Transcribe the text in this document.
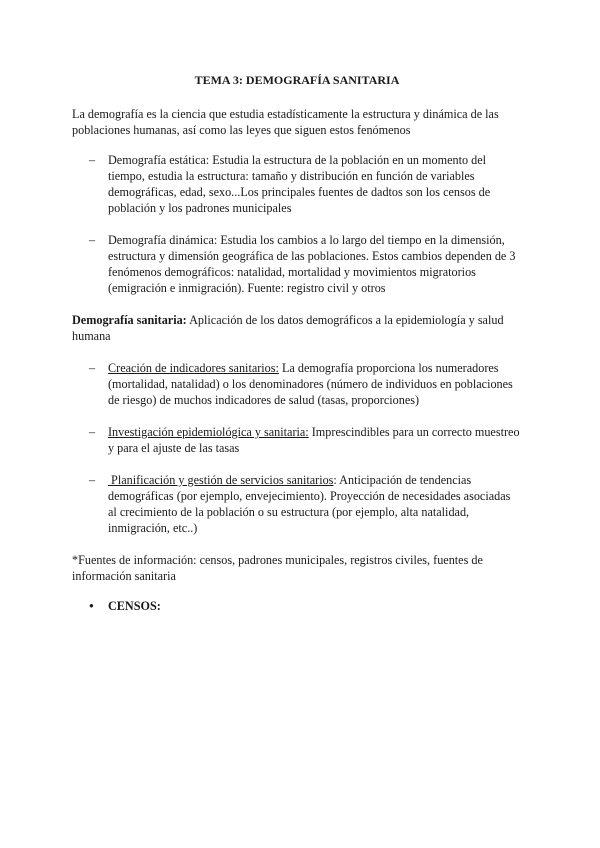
TEMA 3: DEMOGRAFÍA SANITARIA

La demografía es la ciencia que estudia estadísticamente la estructura y dinámica de las poblaciones humanas, así como las leyes que siguen estos fenómenos

– Demografía estática: Estudia la estructura de la población en un momento del tiempo, estudia la estructura: tamaño y distribución en función de variables demográficas, edad, sexo...Los principales fuentes de dadtos son los censos de población y los padrones municipales
– Demografía dinámica: Estudia los cambios a lo largo del tiempo en la dimensión, estructura y dimensión geográfica de las poblaciones. Estos cambios dependen de 3 fenómenos demográficos: natalidad, mortalidad y movimientos migratorios (emigración e inmigración). Fuente: registro civil y otros

Demografía sanitaria: Aplicación de los datos demográficos a la epidemiología y salud humana

– Creación de indicadores sanitarios: La demografía proporciona los numeradores (mortalidad, natalidad) o los denominadores (número de individuos en poblaciones de riesgo) de muchos indicadores de salud (tasas, proporciones)
– Investigación epidemiológica y sanitaria: Imprescindibles para un correcto muestreo y para el ajuste de las tasas
–  Planificación y gestión de servicios sanitarios: Anticipación de tendencias demográficas (por ejemplo, envejecimiento). Proyección de necesidades asociadas al crecimiento de la población o su estructura (por ejemplo, alta natalidad, inmigración, etc..)

*Fuentes de información: censos, padrones municipales, registros civiles, fuentes de información sanitaria

● CENSOS:
